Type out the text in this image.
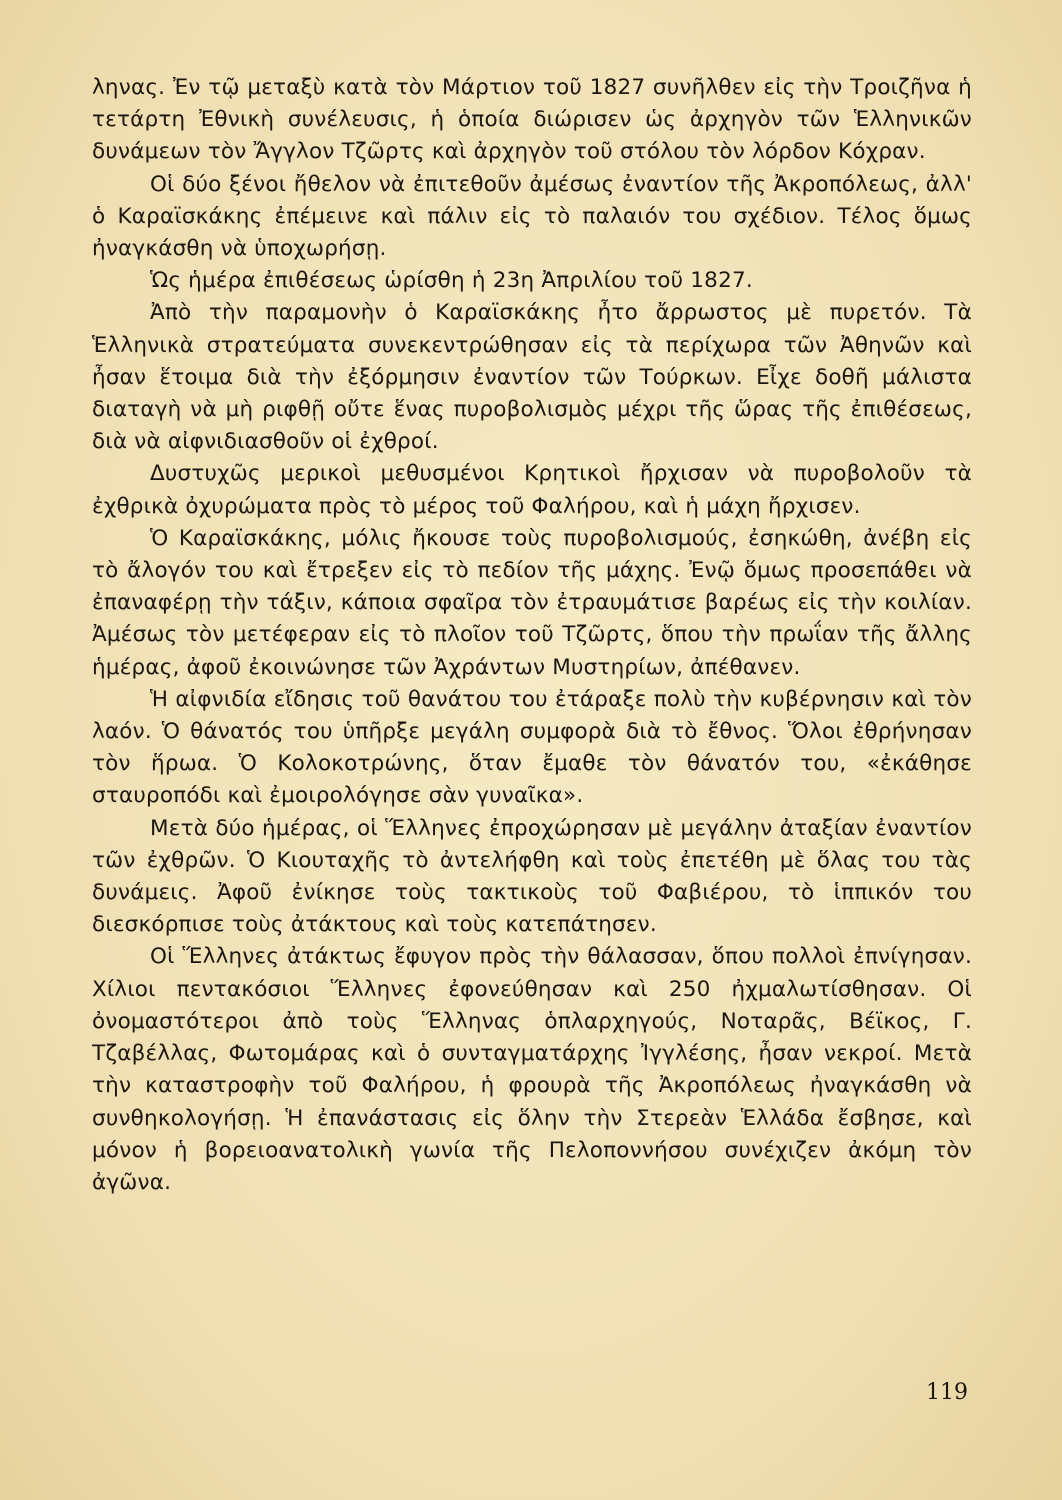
ληνας. Ἐν τῷ μεταξὺ κατὰ τὸν Μάρτιον τοῦ 1827 συνῆλθεν εἰς τὴν Τροιζῆνα ἡ τετάρτη Ἐθνικὴ συνέλευσις, ἡ ὁποία διώρισεν ὡς ἀρχηγὸν τῶν Ἑλληνικῶν δυνάμεων τὸν Ἄγγλον Τζῶρτς καὶ ἀρχηγὸν τοῦ στόλου τὸν λόρδον Κόχραν.

Οἱ δύο ξένοι ἤθελον νὰ ἐπιτεθοῦν ἀμέσως ἐναντίον τῆς Ἀκροπόλεως, ἀλλ' ὁ Καραϊσκάκης ἐπέμεινε καὶ πάλιν εἰς τὸ παλαιόν του σχέδιον. Τέλος ὅμως ἠναγκάσθη νὰ ὑποχωρήσῃ.

Ὡς ἡμέρα ἐπιθέσεως ὡρίσθη ἡ 23η Ἀπριλίου τοῦ 1827.

Ἀπὸ τὴν παραμονὴν ὁ Καραϊσκάκης ἦτο ἄρρωστος μὲ πυρετόν. Τὰ Ἑλληνικὰ στρατεύματα συνεκεντρώθησαν εἰς τὰ περίχωρα τῶν Ἀθηνῶν καὶ ἦσαν ἕτοιμα διὰ τὴν ἐξόρμησιν ἐναντίον τῶν Τούρκων. Εἶχε δοθῆ μάλιστα διαταγὴ νὰ μὴ ριφθῇ οὔτε ἕνας πυροβολισμὸς μέχρι τῆς ὥρας τῆς ἐπιθέσεως, διὰ νὰ αἰφνιδιασθοῦν οἱ ἐχθροί.

Δυστυχῶς μερικοὶ μεθυσμένοι Κρητικοὶ ἤρχισαν νὰ πυροβολοῦν τὰ ἐχθρικὰ ὀχυρώματα πρὸς τὸ μέρος τοῦ Φαλήρου, καὶ ἡ μάχη ἤρχισεν.

Ὁ Καραϊσκάκης, μόλις ἤκουσε τοὺς πυροβολισμούς, ἐσηκώθη, ἀνέβη εἰς τὸ ἄλογόν του καὶ ἔτρεξεν εἰς τὸ πεδίον τῆς μάχης. Ἐνῷ ὅμως προσεπάθει νὰ ἐπαναφέρῃ τὴν τάξιν, κάποια σφαῖρα τὸν ἐτραυμάτισε βαρέως εἰς τὴν κοιλίαν. Ἀμέσως τὸν μετέφεραν εἰς τὸ πλοῖον τοῦ Τζῶρτς, ὅπου τὴν πρωΐαν τῆς ἄλλης ἡμέρας, ἀφοῦ ἐκοινώνησε τῶν Ἀχράντων Μυστηρίων, ἀπέθανεν.

Ἡ αἰφνιδία εἴδησις τοῦ θανάτου του ἐτάραξε πολὺ τὴν κυβέρνησιν καὶ τὸν λαόν. Ὁ θάνατός του ὑπῆρξε μεγάλη συμφορὰ διὰ τὸ ἔθνος. Ὅλοι ἐθρήνησαν τὸν ἥρωα. Ὁ Κολοκοτρώνης, ὅταν ἔμαθε τὸν θάνατόν του, «ἐκάθησε σταυροπόδι καὶ ἐμοιρολόγησε σὰν γυναῖκα».

Μετὰ δύο ἡμέρας, οἱ Ἕλληνες ἐπροχώρησαν μὲ μεγάλην ἀταξίαν ἐναντίον τῶν ἐχθρῶν. Ὁ Κιουταχῆς τὸ ἀντελήφθη καὶ τοὺς ἐπετέθη μὲ ὅλας του τὰς δυνάμεις. Ἀφοῦ ἐνίκησε τοὺς τακτικοὺς τοῦ Φαβιέρου, τὸ ἱππικόν του διεσκόρπισε τοὺς ἀτάκτους καὶ τοὺς κατεπάτησεν.

Οἱ Ἕλληνες ἀτάκτως ἔφυγον πρὸς τὴν θάλασσαν, ὅπου πολλοὶ ἐπνίγησαν. Χίλιοι πεντακόσιοι Ἕλληνες ἐφονεύθησαν καὶ 250 ἠχμαλωτίσθησαν. Οἱ ὀνομαστότεροι ἀπὸ τοὺς Ἕλληνας ὁπλαρχηγούς, Νοταρᾶς, Βέϊκος, Γ. Τζαβέλλας, Φωτομάρας καὶ ὁ συνταγματάρχης Ἰγγλέσης, ἦσαν νεκροί. Μετὰ τὴν καταστροφὴν τοῦ Φαλήρου, ἡ φρουρὰ τῆς Ἀκροπόλεως ἠναγκάσθη νὰ συνθηκολογήσῃ. Ἡ ἐπανάστασις εἰς ὅλην τὴν Στερεὰν Ἑλλάδα ἔσβησε, καὶ μόνον ἡ βορειοανατολικὴ γωνία τῆς Πελοποννήσου συνέχιζεν ἀκόμη τὸν ἀγῶνα.

119
